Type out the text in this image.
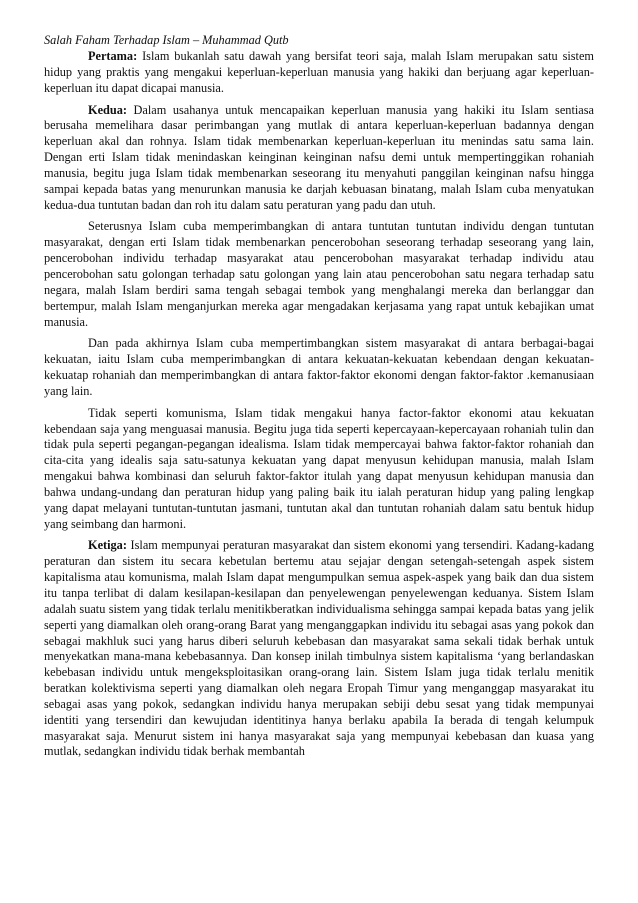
Salah Faham Terhadap Islam – Muhammad Qutb

Pertama: Islam bukanlah satu dawah yang bersifat teori saja, malah Islam merupakan satu sistem hidup yang praktis yang mengakui keperluan-keperluan manusia yang hakiki dan berjuang agar keperluan-keperluan itu dapat dicapai manusia.

Kedua: Dalam usahanya untuk mencapaikan keperluan manusia yang hakiki itu Islam sentiasa berusaha memelihara dasar perimbangan yang mutlak di antara keperluan-keperluan badannya dengan keperluan akal dan rohnya. Islam tidak membenarkan keperluan-keperluan itu menindas satu sama lain. Dengan erti Islam tidak menindaskan keinginan keinginan nafsu demi untuk mempertinggikan rohaniah manusia, begitu juga Islam tidak membenarkan seseorang itu menyahuti panggilan keinginan nafsu hingga sampai kepada batas yang menurunkan manusia ke darjah kebuasan binatang, malah Islam cuba menyatukan kedua-dua tuntutan badan dan roh itu dalam satu peraturan yang padu dan utuh.

Seterusnya Islam cuba memperimbangkan di antara tuntutan tuntutan individu dengan tuntutan masyarakat, dengan erti Islam tidak membenarkan pencerobohan seseorang terhadap seseorang yang lain, pencerobohan individu terhadap masyarakat atau pencerobohan masyarakat terhadap individu atau pencerobohan satu golongan terhadap satu golongan yang lain atau pencerobohan satu negara terhadap satu negara, malah Islam berdiri sama tengah sebagai tembok yang menghalangi mereka dan berlanggar dan bertempur, malah Islam menganjurkan mereka agar mengadakan kerjasama yang rapat untuk kebajikan umat manusia.

Dan pada akhirnya Islam cuba mempertimbangkan sistem masyarakat di antara berbagai-bagai kekuatan, iaitu Islam cuba memperimbangkan di antara kekuatan-kekuatan kebendaan dengan kekuatan-kekuatap rohaniah dan memperimbangkan di antara faktor-faktor ekonomi dengan faktor-faktor .kemanusiaan yang lain.

Tidak seperti komunisma, Islam tidak mengakui hanya factor-faktor ekonomi atau kekuatan kebendaan saja yang menguasai manusia. Begitu juga tida seperti kepercayaan-kepercayaan rohaniah tulin dan tidak pula seperti pegangan-pegangan idealisma. Islam tidak mempercayai bahwa faktor-faktor rohaniah dan cita-cita yang idealis saja satu-satunya kekuatan yang dapat menyusun kehidupan manusia, malah Islam mengakui bahwa kombinasi dan seluruh faktor-faktor itulah yang dapat menyusun kehidupan manusia dan bahwa undang-undang dan peraturan hidup yang paling baik itu ialah peraturan hidup yang paling lengkap yang dapat melayani tuntutan-tuntutan jasmani, tuntutan akal dan tuntutan rohaniah dalam satu bentuk hidup yang seimbang dan harmoni.

Ketiga: Islam mempunyai peraturan masyarakat dan sistem ekonomi yang tersendiri. Kadang-kadang peraturan dan sistem itu secara kebetulan bertemu atau sejajar dengan setengah-setengah aspek sistem kapitalisma atau komunisma, malah Islam dapat mengumpulkan semua aspek-aspek yang baik dan dua sistem itu tanpa terlibat di dalam kesilapan-kesilapan dan penyelewengan penyelewengan keduanya. Sistem Islam adalah suatu sistem yang tidak terlalu menitikberatkan individualisma sehingga sampai kepada batas yang jelik seperti yang diamalkan oleh orang-orang Barat yang menganggapkan individu itu sebagai asas yang pokok dan sebagai makhluk suci yang harus diberi seluruh kebebasan dan masyarakat sama sekali tidak berhak untuk menyekatkan mana-mana kebebasannya. Dan konsep inilah timbulnya sistem kapitalisma ‘yang berlandaskan kebebasan individu untuk mengeksploitasikan orang-orang lain. Sistem Islam juga tidak terlalu menitik beratkan kolektivisma seperti yang diamalkan oleh negara Eropah Timur yang menganggap masyarakat itu sebagai asas yang pokok, sedangkan individu hanya merupakan sebiji debu sesat yang tidak mempunyai identiti yang tersendiri dan kewujudan identitinya hanya berlaku apabila Ia berada di tengah kelumpuk masyarakat saja. Menurut sistem ini hanya masyarakat saja yang mempunyai kebebasan dan kuasa yang mutlak, sedangkan individu tidak berhak membantah
